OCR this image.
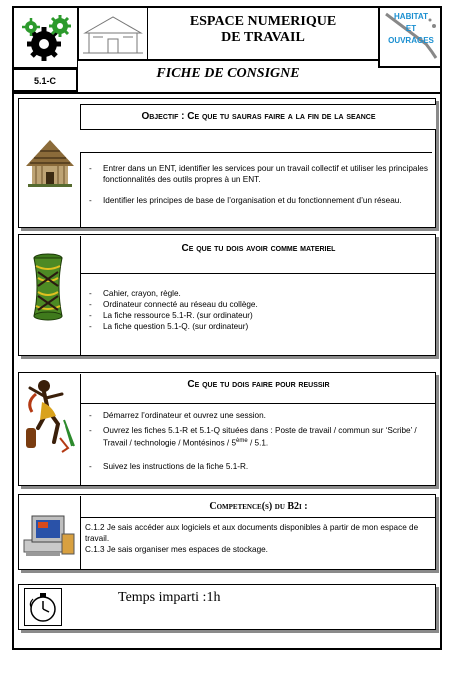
5.1-C
ESPACE NUMERIQUE
DE TRAVAIL
FICHE DE CONSIGNE
HABITAT
ET
OUVRAGES
Objectif : Ce que tu sauras faire a la fin de la seance
- Entrer dans un ENT, identifier les services pour un travail collectif et utiliser les principales fonctionnalités des outils propres à un ENT.
- Identifier les principes de base de l’organisation et du fonctionnement d’un réseau.
Ce que tu dois avoir comme materiel
- Cahier, crayon, règle.
- Ordinateur connecté au réseau du collège.
- La fiche ressource 5.1-R. (sur ordinateur)
- La fiche question 5.1-Q. (sur ordinateur)
Ce que tu dois faire pour reussir
- Démarrez l’ordinateur et ouvrez une session.
- Ouvrez les fiches 5.1-R et 5.1-Q situées dans : Poste de travail / commun sur ‘Scribe’ / Travail / technologie / Montésinos / 5ème / 5.1.
- Suivez les instructions de la fiche 5.1-R.
Competence(s) du B2i :
C.1.2 Je sais accéder aux logiciels et aux documents disponibles à partir de mon espace de travail.
C.1.3 Je sais organiser mes espaces de stockage.
Temps imparti :1h
